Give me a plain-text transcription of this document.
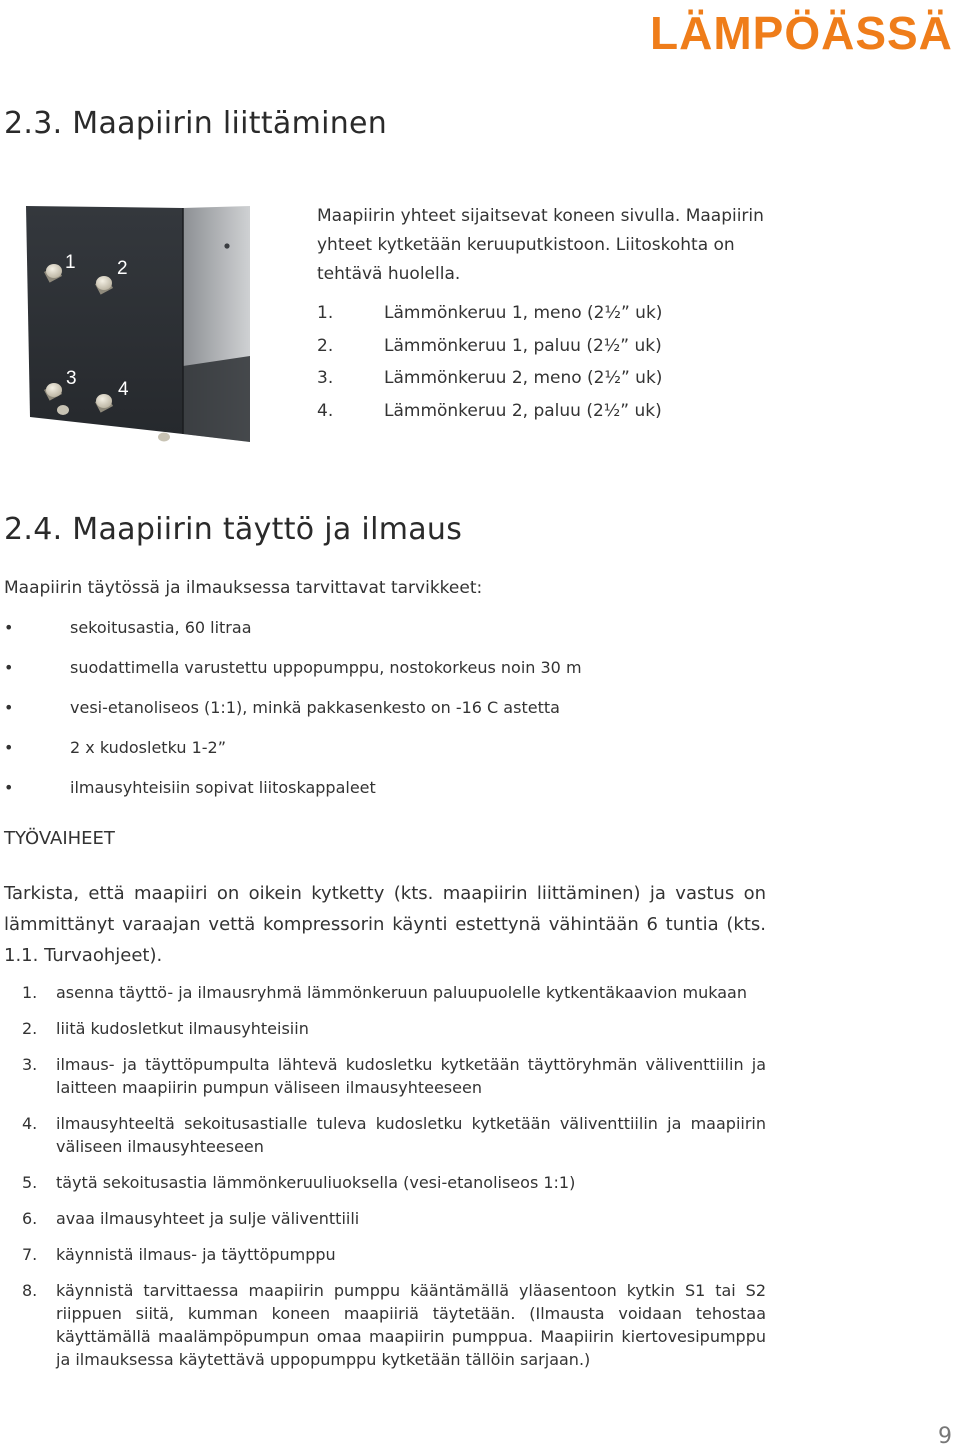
LÄMPÖÄSSÄ
2.3. Maapiirin liittäminen
1 2
3
4
Maapiirin yhteet sijaitsevat koneen sivulla. Maapiirin yhteet kytketään keruuputkistoon. Liitoskohta on tehtävä huolella.
1.	Lämmönkeruu 1, meno (2½” uk)
2.	Lämmönkeruu 1, paluu (2½” uk)
3.	Lämmönkeruu 2, meno (2½” uk)
4.	Lämmönkeruu 2, paluu (2½” uk)
2.4. Maapiirin täyttö ja ilmaus
Maapiirin täytössä ja ilmauksessa tarvittavat tarvikkeet:
•	sekoitusastia, 60 litraa
•	suodattimella varustettu uppopumppu, nostokorkeus noin 30 m
•	vesi-etanoliseos (1:1), minkä pakkasenkesto on -16 C astetta
•	2 x kudosletku 1-2”
•	ilmausyhteisiin sopivat liitoskappaleet
TYÖVAIHEET
Tarkista, että maapiiri on oikein kytketty (kts. maapiirin liittäminen) ja vastus on lämmittänyt varaajan vettä kompressorin käynti estettynä vähintään 6 tuntia (kts. 1.1. Turvaohjeet).
1.	asenna täyttö- ja ilmausryhmä lämmönkeruun paluupuolelle kytkentäkaavion mukaan
2.	liitä kudosletkut ilmausyhteisiin
3.	ilmaus- ja täyttöpumpulta lähtevä kudosletku kytketään täyttöryhmän väliventtiilin ja laitteen maapiirin pumpun väliseen ilmausyhteeseen
4.	ilmausyhteeltä sekoitusastialle tuleva kudosletku kytketään väliventtiilin ja maapiirin väliseen ilmausyhteeseen
5.	täytä sekoitusastia lämmönkeruuliuoksella (vesi-etanoliseos 1:1)
6.	avaa ilmausyhteet ja sulje väliventtiili
7.	käynnistä ilmaus- ja täyttöpumppu
8.	käynnistä tarvittaessa maapiirin pumppu kääntämällä yläasentoon kytkin S1 tai S2 riippuen siitä, kumman koneen maapiiriä täytetään. (Ilmausta voidaan tehostaa käyttämällä maalämpöpumpun omaa maapiirin pumppua. Maapiirin kiertovesipumppu ja ilmauksessa käytettävä uppopumppu kytketään tällöin sarjaan.)
9
